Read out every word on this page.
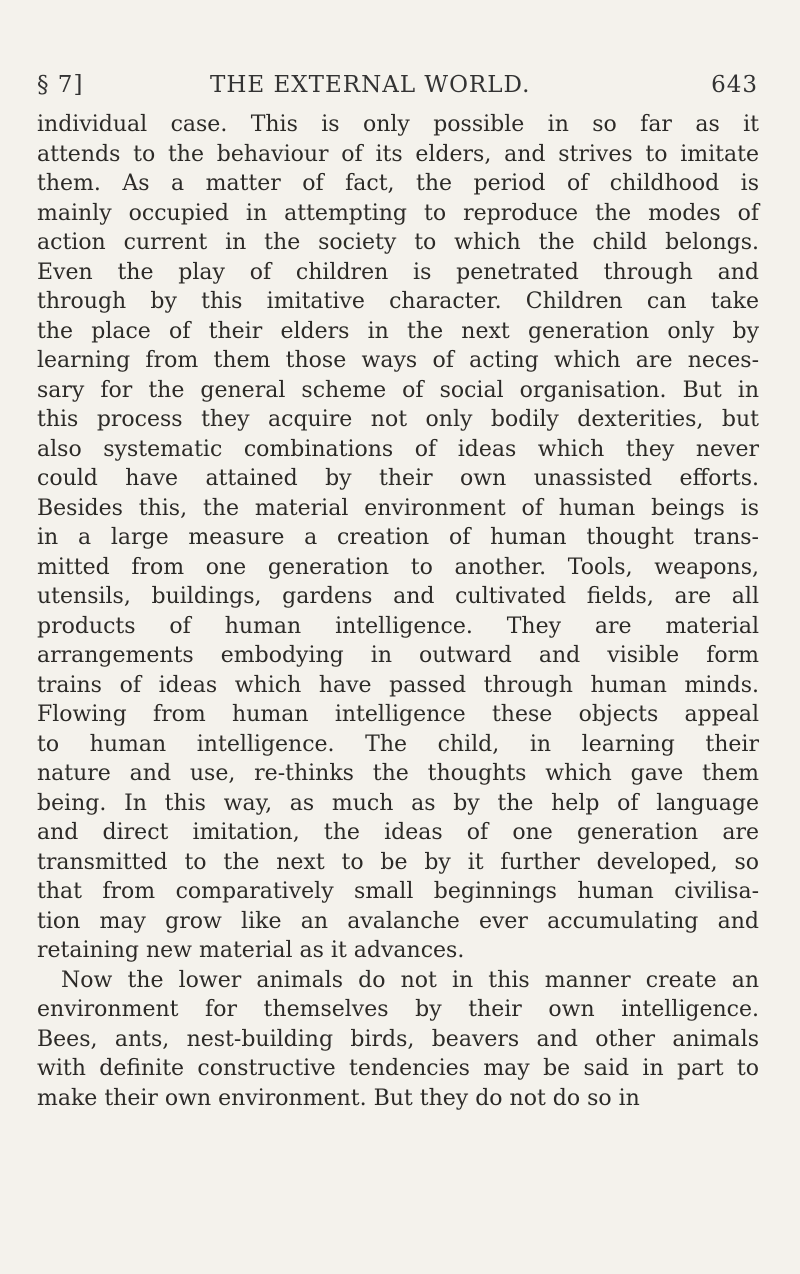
§ 7]	THE EXTERNAL WORLD.	643
individual case. This is only possible in so far as it
attends to the behaviour of its elders, and strives to imitate
them. As a matter of fact, the period of childhood is
mainly occupied in attempting to reproduce the modes of
action current in the society to which the child belongs.
Even the play of children is penetrated through and
through by this imitative character. Children can take
the place of their elders in the next generation only by
learning from them those ways of acting which are neces-
sary for the general scheme of social organisation. But in
this process they acquire not only bodily dexterities, but
also systematic combinations of ideas which they never
could have attained by their own unassisted efforts.
Besides this, the material environment of human beings is
in a large measure a creation of human thought trans-
mitted from one generation to another. Tools, weapons,
utensils, buildings, gardens and cultivated fields, are all
products of human intelligence. They are material
arrangements embodying in outward and visible form
trains of ideas which have passed through human minds.
Flowing from human intelligence these objects appeal
to human intelligence. The child, in learning their
nature and use, re-thinks the thoughts which gave them
being. In this way, as much as by the help of language
and direct imitation, the ideas of one generation are
transmitted to the next to be by it further developed, so
that from comparatively small beginnings human civilisa-
tion may grow like an avalanche ever accumulating and
retaining new material as it advances.
Now the lower animals do not in this manner create an
environment for themselves by their own intelligence.
Bees, ants, nest-building birds, beavers and other animals
with definite constructive tendencies may be said in part to
make their own environment. But they do not do so in
